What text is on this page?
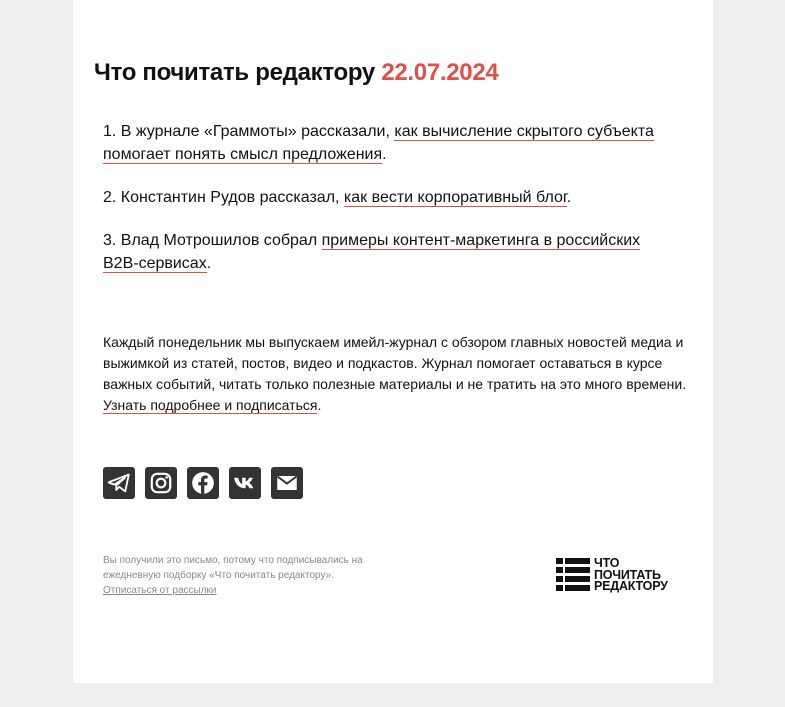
Что почитать редактору 22.07.2024

1. В журнале «Граммоты» рассказали, как вычисление скрытого субъекта помогает понять смысл предложения.

2. Константин Рудов рассказал, как вести корпоративный блог.

3. Влад Мотрошилов собрал примеры контент-маркетинга в российских B2B-сервисах.

Каждый понедельник мы выпускаем имейл-журнал с обзором главных новостей медиа и выжимкой из статей, постов, видео и подкастов. Журнал помогает оставаться в курсе важных событий, читать только полезные материалы и не тратить на это много времени. Узнать подробнее и подписаться.

Вы получили это письмо, потому что подписывались на ежедневную подборку «Что почитать редактору».
Отписаться от рассылки

ЧТО
ПОЧИТАТЬ
РЕДАКТОРУ
